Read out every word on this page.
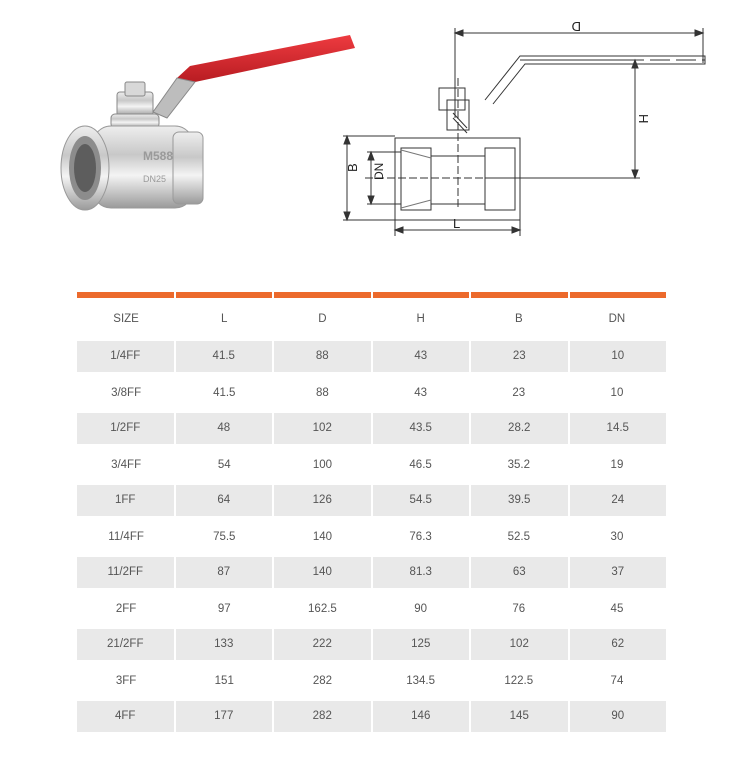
M588
DN25
D
H
B DN
L
SIZE	L	D	H	B	DN
1/4FF	41.5	88	43	23	10
3/8FF	41.5	88	43	23	10
1/2FF	48	102	43.5	28.2	14.5
3/4FF	54	100	46.5	35.2	19
1FF	64	126	54.5	39.5	24
11/4FF	75.5	140	76.3	52.5	30
11/2FF	87	140	81.3	63	37
2FF	97	162.5	90	76	45
21/2FF	133	222	125	102	62
3FF	151	282	134.5	122.5	74
4FF	177	282	146	145	90
